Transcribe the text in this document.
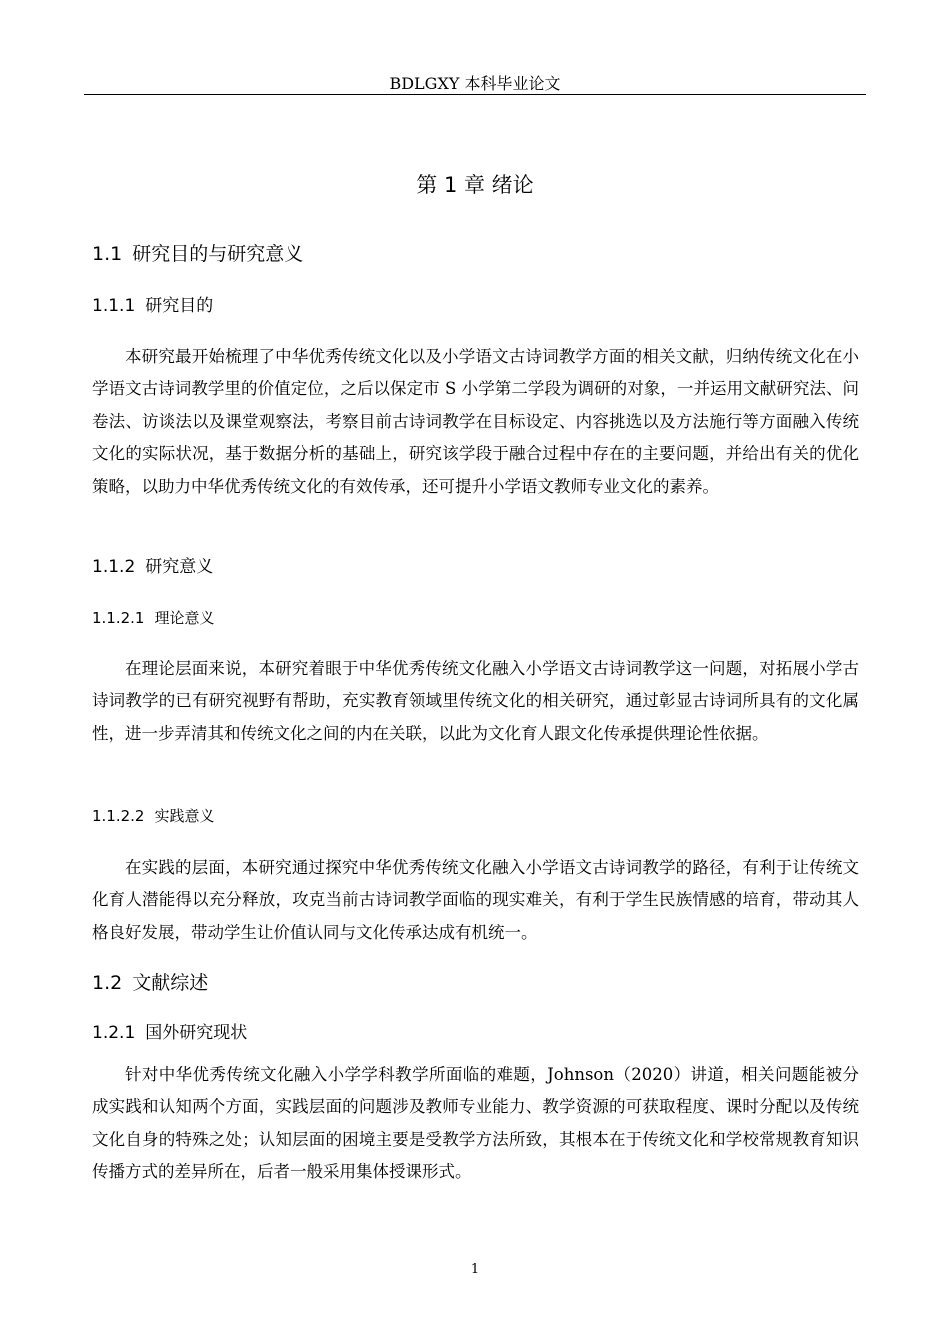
BDLGXY 本科毕业论文
第 1 章 绪论
1.1 研究目的与研究意义
1.1.1 研究目的
本研究最开始梳理了中华优秀传统文化以及小学语文古诗词教学方面的相关文献，归纳传统文化在小学语文古诗词教学里的价值定位，之后以保定市 S 小学第二学段为调研的对象，一并运用文献研究法、问卷法、访谈法以及课堂观察法，考察目前古诗词教学在目标设定、内容挑选以及方法施行等方面融入传统文化的实际状况，基于数据分析的基础上，研究该学段于融合过程中存在的主要问题，并给出有关的优化策略，以助力中华优秀传统文化的有效传承，还可提升小学语文教师专业文化的素养。
1.1.2 研究意义
1.1.2.1 理论意义
在理论层面来说，本研究着眼于中华优秀传统文化融入小学语文古诗词教学这一问题，对拓展小学古诗词教学的已有研究视野有帮助，充实教育领域里传统文化的相关研究，通过彰显古诗词所具有的文化属性，进一步弄清其和传统文化之间的内在关联，以此为文化育人跟文化传承提供理论性依据。
1.1.2.2 实践意义
在实践的层面，本研究通过探究中华优秀传统文化融入小学语文古诗词教学的路径，有利于让传统文化育人潜能得以充分释放，攻克当前古诗词教学面临的现实难关，有利于学生民族情感的培育，带动其人格良好发展，带动学生让价值认同与文化传承达成有机统一。
1.2 文献综述
1.2.1 国外研究现状
针对中华优秀传统文化融入小学学科教学所面临的难题，Johnson（2020）讲道，相关问题能被分成实践和认知两个方面，实践层面的问题涉及教师专业能力、教学资源的可获取程度、课时分配以及传统文化自身的特殊之处；认知层面的困境主要是受教学方法所致，其根本在于传统文化和学校常规教育知识传播方式的差异所在，后者一般采用集体授课形式。
1
